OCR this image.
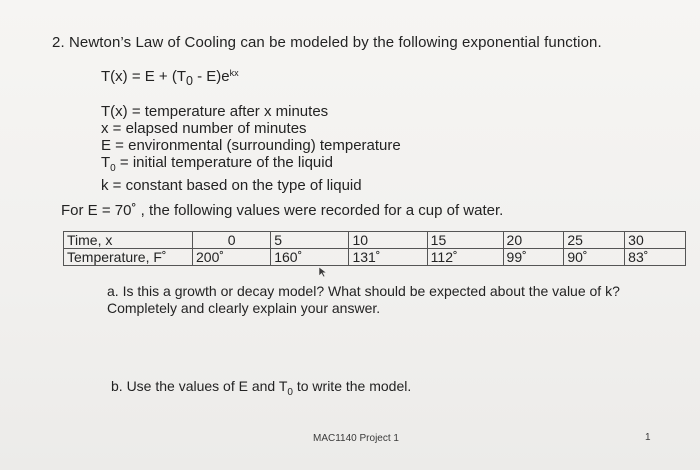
2. Newton’s Law of Cooling can be modeled by the following exponential function.
$T(x) = E + (T_0 - E)e^{kx}$
T(x) = temperature after x minutes
x = elapsed number of minutes
E = environmental (surrounding) temperature
$T_0$ = initial temperature of the liquid
k = constant based on the type of liquid
For E = 70˚ , the following values were recorded for a cup of water.
Time, x	0	5	10	15	20	25	30
Temperature, F˚	200˚	160˚	131˚	112˚	99˚	90˚	83˚
a. Is this a growth or decay model? What should be expected about the value of k? Completely and clearly explain your answer.
b. Use the values of E and $T_0$ to write the model.
MAC1140 Project 1	1
